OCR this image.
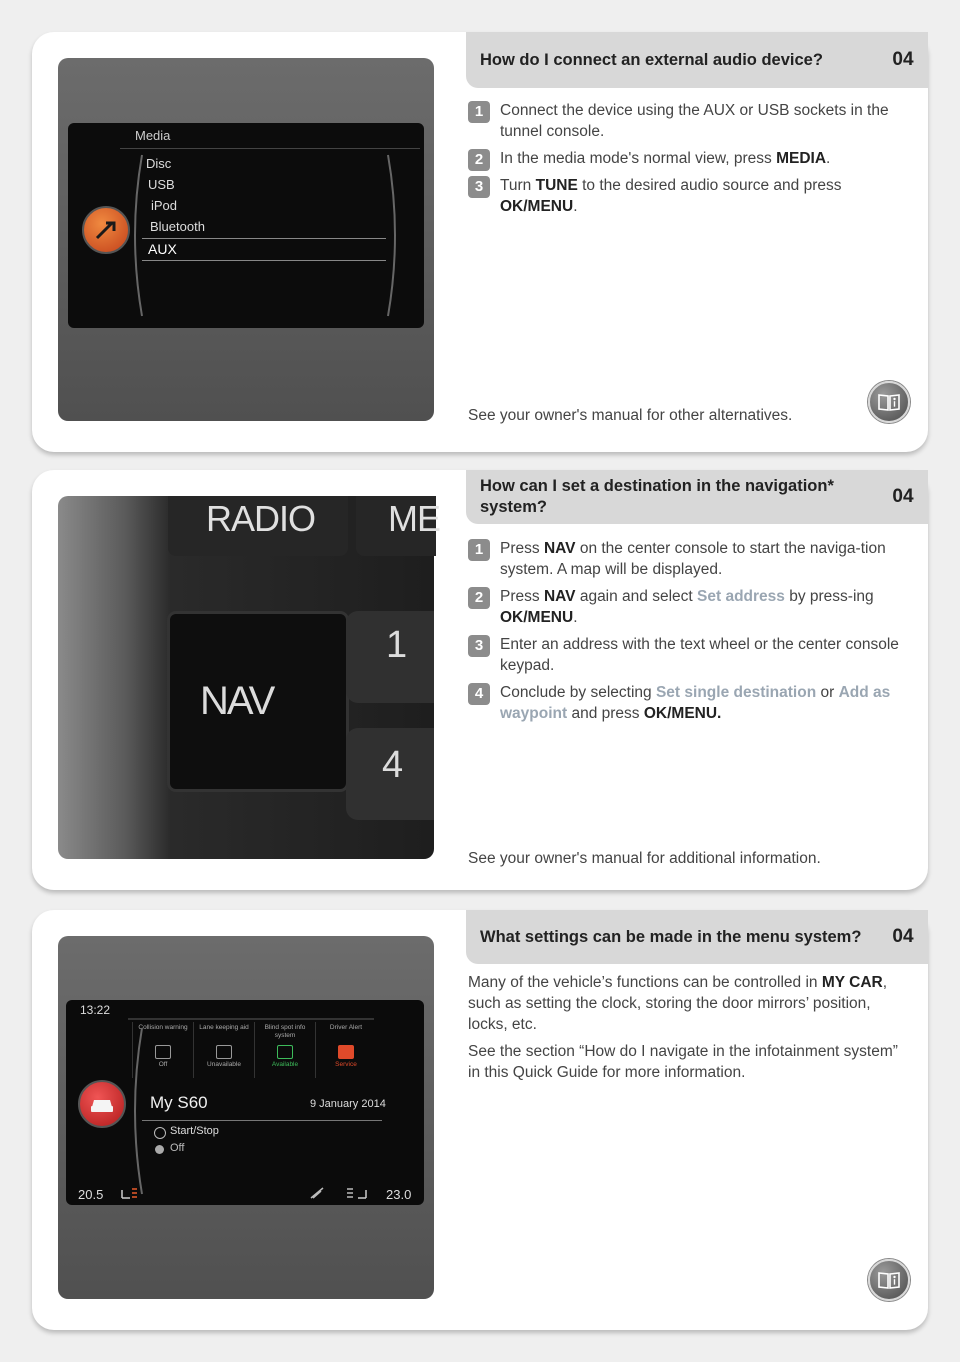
Media
Disc
USB
iPod
Bluetooth
AUX
How do I connect an external audio device?	04
1	Connect the device using the AUX or USB sockets in the tunnel console.
2	In the media mode's normal view, press MEDIA.
3	Turn TUNE to the desired audio source and press OK/MENU.
See your owner's manual for other alternatives.
RADIO ME
NAV
1
4
How can I set a destination in the navigation* system?	04
1	Press NAV on the center console to start the naviga-tion system. A map will be displayed.
2	Press NAV again and select Set address by press-ing OK/MENU.
3	Enter an address with the text wheel or the center console keypad.
4	Conclude by selecting Set single destination or Add as waypoint and press OK/MENU.
See your owner's manual for additional information.
13:22
Collision warning
Off
Lane keeping aid
Unavailable
Blind spot info system
Available
Driver Alert
Service
My S60	9 January 2014
Start/Stop
Off
20.5	23.0
What settings can be made in the menu system?	04

Many of the vehicle’s functions can be controlled in MY CAR, such as setting the clock, storing the door mirrors’ position, locks, etc.

See the section “How do I navigate in the infotainment system” in this Quick Guide for more information.
